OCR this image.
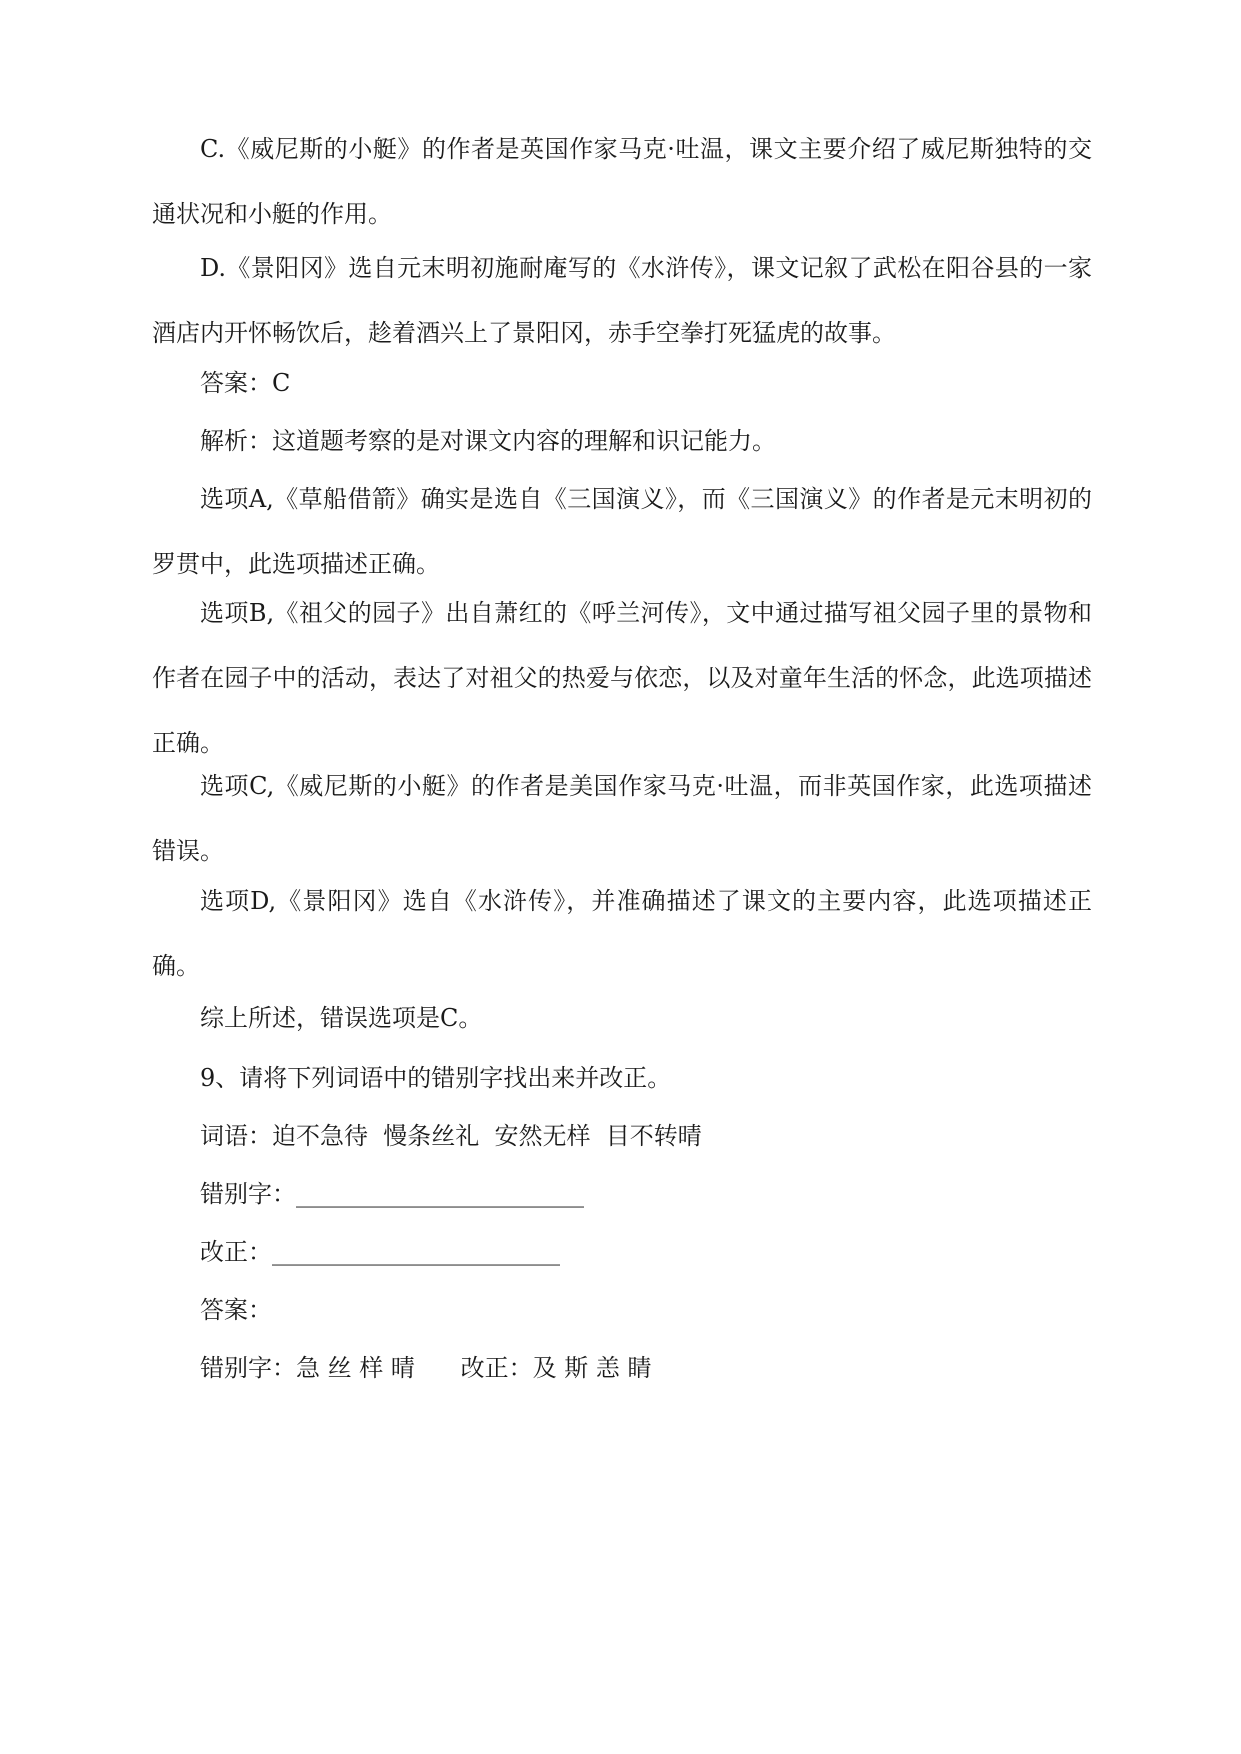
C.《威尼斯的小艇》的作者是英国作家马克·吐温，课文主要介绍了威尼斯独特的交通状况和小艇的作用。

D.《景阳冈》选自元末明初施耐庵写的《水浒传》，课文记叙了武松在阳谷县的一家酒店内开怀畅饮后，趁着酒兴上了景阳冈，赤手空拳打死猛虎的故事。

答案：C

解析：这道题考察的是对课文内容的理解和识记能力。

选项A,《草船借箭》确实是选自《三国演义》，而《三国演义》的作者是元末明初的罗贯中，此选项描述正确。

选项B,《祖父的园子》出自萧红的《呼兰河传》，文中通过描写祖父园子里的景物和作者在园子中的活动，表达了对祖父的热爱与依恋，以及对童年生活的怀念，此选项描述正确。

选项C,《威尼斯的小艇》的作者是美国作家马克·吐温，而非英国作家，此选项描述错误。

选项D,《景阳冈》选自《水浒传》，并准确描述了课文的主要内容，此选项描述正确。

综上所述，错误选项是C。

9、请将下列词语中的错别字找出来并改正。

词语：迫不急待  慢条丝礼  安然无样  目不转晴

错别字：________________________

改正：________________________

答案：

错别字：急 丝 样 晴      改正：及 斯 恙 睛
